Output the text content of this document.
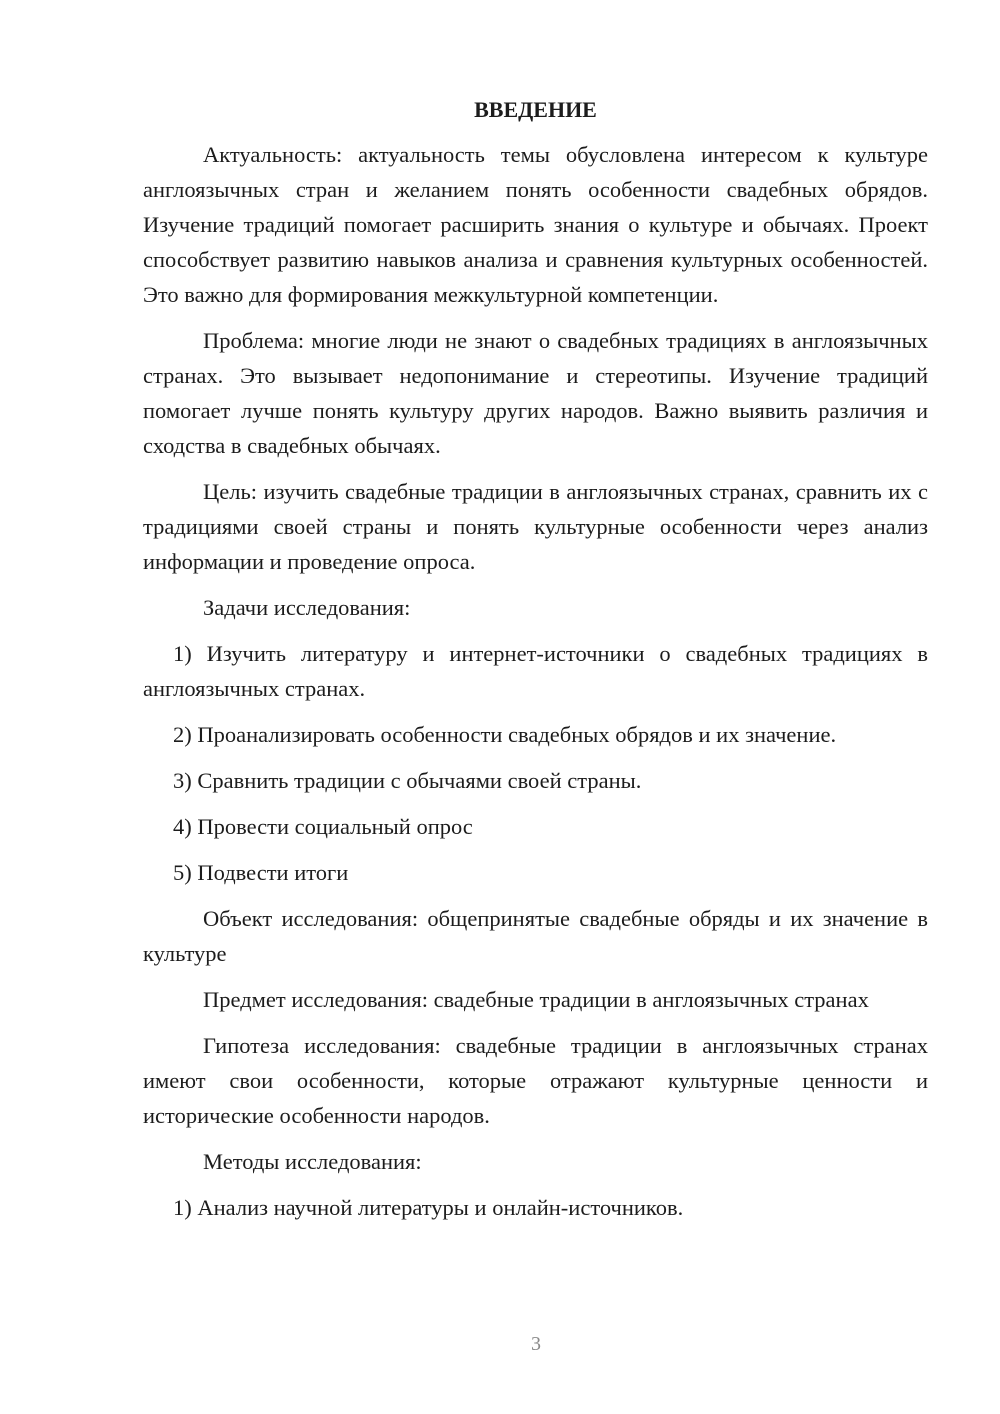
ВВЕДЕНИЕ

Актуальность: актуальность темы обусловлена интересом к культуре англоязычных стран и желанием понять особенности свадебных обрядов. Изучение традиций помогает расширить знания о культуре и обычаях. Проект способствует развитию навыков анализа и сравнения культурных особенностей. Это важно для формирования межкультурной компетенции.

Проблема: многие люди не знают о свадебных традициях в англоязычных странах. Это вызывает недопонимание и стереотипы. Изучение традиций помогает лучше понять культуру других народов. Важно выявить различия и сходства в свадебных обычаях.

Цель: изучить свадебные традиции в англоязычных странах, сравнить их с традициями своей страны и понять культурные особенности через анализ информации и проведение опроса.

Задачи исследования:

1) Изучить литературу и интернет-источники о свадебных традициях в англоязычных странах.

2) Проанализировать особенности свадебных обрядов и их значение.

3) Сравнить традиции с обычаями своей страны.

4) Провести социальный опрос

5) Подвести итоги

Объект исследования: общепринятые свадебные обряды и их значение в культуре

Предмет исследования: свадебные традиции в англоязычных странах

Гипотеза исследования: свадебные традиции в англоязычных странах имеют свои особенности, которые отражают культурные ценности и исторические особенности народов.

Методы исследования:

1) Анализ научной литературы и онлайн-источников.

3
